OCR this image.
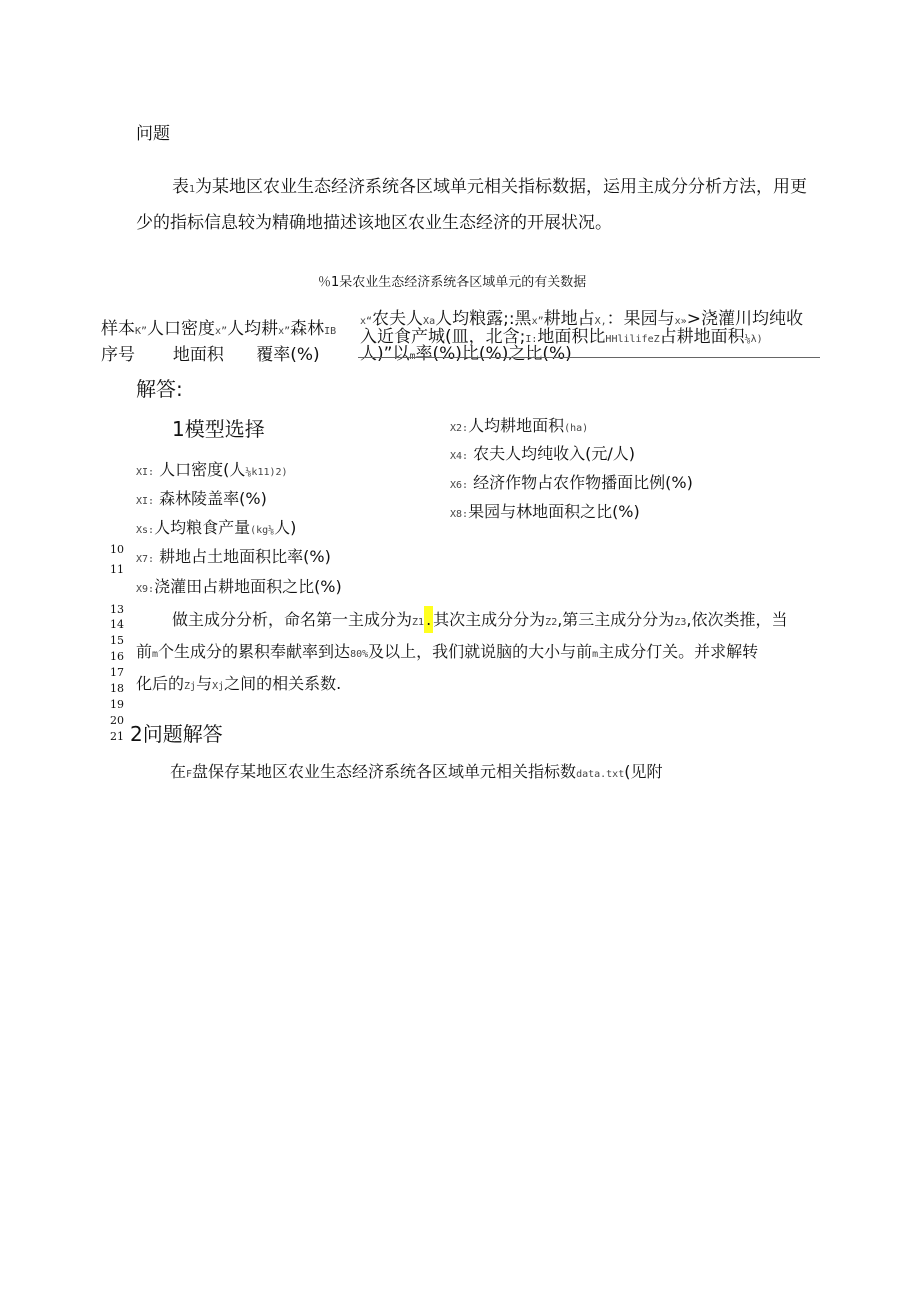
问题
表1为某地区农业生态经济系统各区域单元相关指标数据，运用主成分分析方法，用更
少的指标信息较为精确地描述该地区农业生态经济的开展状况。
％1呆农业生态经济系统各区域单元的有关数据
样本K”人口密度x”人均耕x”森林IB
序号 地面积 覆率(%)
x“农夫人Xa人均粮露;:黑x”耕地占X,：果园与x»>浇灌川均纯收
入近食产城(皿，北含;I:地面积比HHlilifeZ占耕地面积⅛λ)
人)”以m率(%)比(%)之比(%)
解答:
1模型选择
XI: 人口密度(人⅛k11)2)
XI: 森林陵盖率(%)
Xs:人均粮食产量(kg⅛人)
X7: 耕地占土地面积比率(%)
X9:浇灌田占耕地面积之比(%)
X2:人均耕地面积(ha)
X4: 农夫人均纯收入(元/人)
X6: 经济作物占农作物播面比例(%)
X8:果园与林地面积之比(%)
10
11
13
14
15
16
17
18
19
20
21
做主成分分析，命名第一主成分为Z1 . 其次主成分分为Z2,第三主成分分为Z3,依次类推，当
前m个生成分的累积奉献率到达80%及以上，我们就说脑的大小与前m主成分仃关。并求解转
化后的Zj与Xj之间的相关系数.
2问题解答
在F盘保存某地区农业生态经济系统各区域单元相关指标数data.txt(见附
